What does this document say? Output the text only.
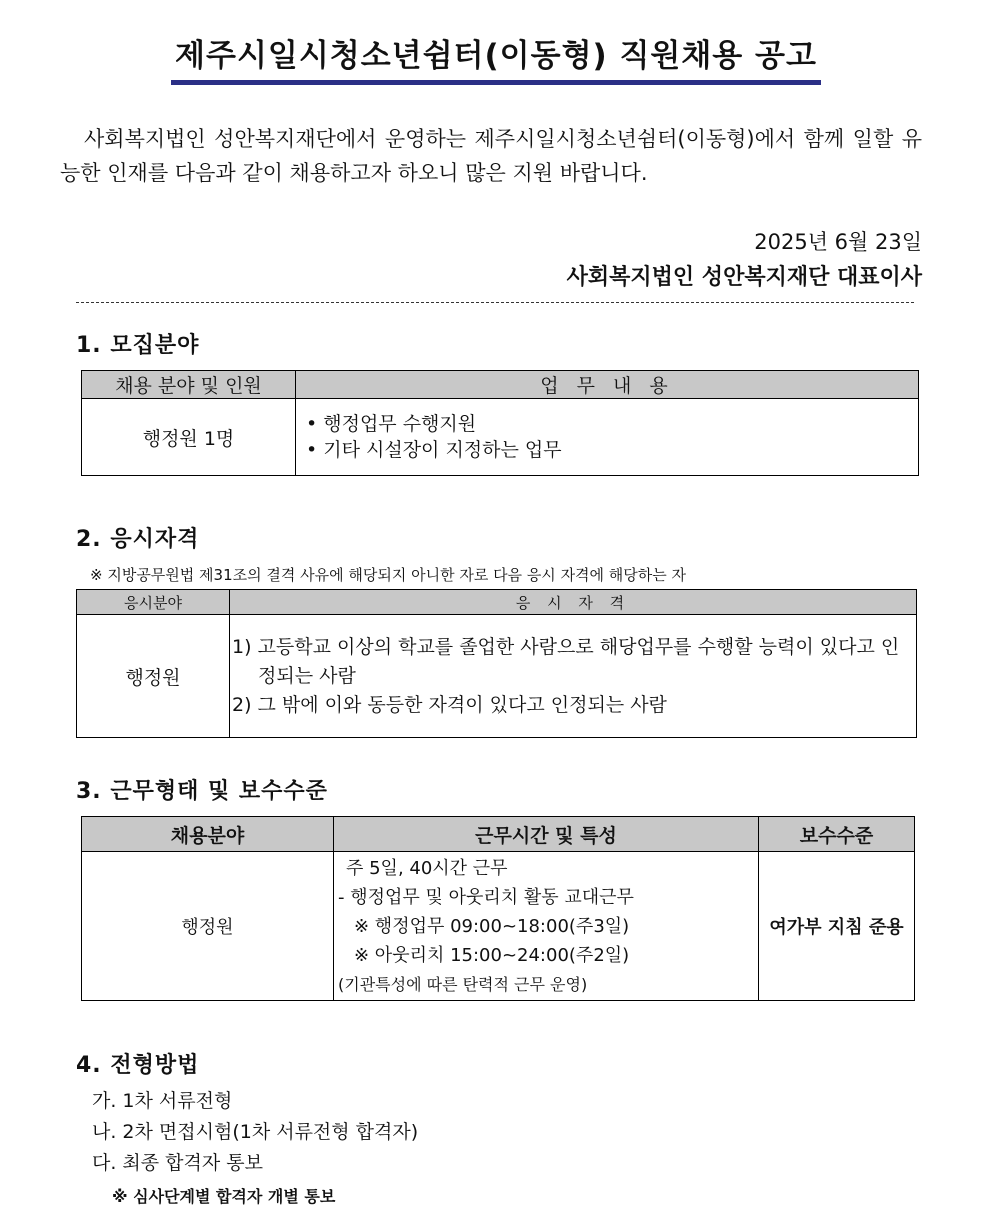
제주시일시청소년쉼터(이동형) 직원채용 공고
사회복지법인 성안복지재단에서 운영하는 제주시일시청소년쉼터(이동형)에서 함께 일할 유능한 인재를 다음과 같이 채용하고자 하오니 많은 지원 바랍니다.
2025년 6월 23일
사회복지법인 성안복지재단 대표이사
1. 모집분야
채용 분야 및 인원	업 무 내 용
행정원 1명	• 행정업무 수행지원
• 기타 시설장이 지정하는 업무
2. 응시자격
※ 지방공무원법 제31조의 결격 사유에 해당되지 아니한 자로 다음 응시 자격에 해당하는 자
응시분야	응 시 자 격
행정원	1) 고등학교 이상의 학교를 졸업한 사람으로 해당업무를 수행할 능력이 있다고 인정되는 사람
2) 그 밖에 이와 동등한 자격이 있다고 인정되는 사람
3. 근무형태 및 보수수준
채용분야	근무시간 및 특성	보수수준
행정원	주 5일, 40시간 근무
- 행정업무 및 아웃리치 활동 교대근무
※ 행정업무 09:00~18:00(주3일)
※ 아웃리치 15:00~24:00(주2일)
(기관특성에 따른 탄력적 근무 운영)	여가부 지침 준용
4. 전형방법
가. 1차 서류전형
나. 2차 면접시험(1차 서류전형 합격자)
다. 최종 합격자 통보
※ 심사단계별 합격자 개별 통보
